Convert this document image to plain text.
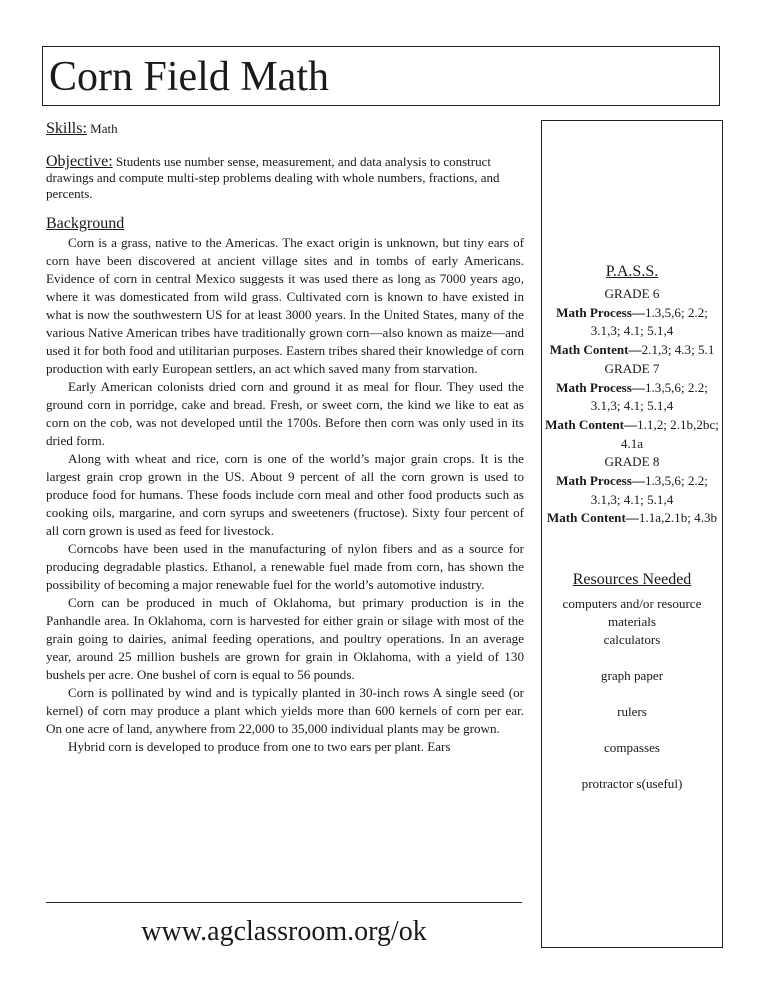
Corn Field Math
Skills: Math
Objective: Students use number sense, measurement, and data analysis to construct drawings and compute multi-step problems dealing with whole numbers, fractions, and percents.
Background

Corn is a grass, native to the Americas. The exact origin is unknown, but tiny ears of corn have been discovered at ancient village sites and in tombs of early Americans. Evidence of corn in central Mexico suggests it was used there as long as 7000 years ago, where it was domesticated from wild grass. Cultivated corn is known to have existed in what is now the southwestern US for at least 3000 years. In the United States, many of the various Native American tribes have traditionally grown corn—also known as maize—and used it for both food and utilitarian purposes. Eastern tribes shared their knowledge of corn production with early European settlers, an act which saved many from starvation.

Early American colonists dried corn and ground it as meal for flour. They used the ground corn in porridge, cake and bread. Fresh, or sweet corn, the kind we like to eat as corn on the cob, was not developed until the 1700s. Before then corn was only used in its dried form.

Along with wheat and rice, corn is one of the world’s major grain crops. It is the largest grain crop grown in the US. About 9 percent of all the corn grown is used to produce food for humans. These foods include corn meal and other food products such as cooking oils, margarine, and corn syrups and sweeteners (fructose). Sixty four percent of all corn grown is used as feed for livestock.

Corncobs have been used in the manufacturing of nylon fibers and as a source for producing degradable plastics. Ethanol, a renewable fuel made from corn, has shown the possibility of becoming a major renewable fuel for the world’s automotive industry.

Corn can be produced in much of Oklahoma, but primary production is in the Panhandle area. In Oklahoma, corn is harvested for either grain or silage with most of the grain going to dairies, animal feeding operations, and poultry operations. In an average year, around 25 million bushels are grown for grain in Oklahoma, with a yield of 130 bushels per acre. One bushel of corn is equal to 56 pounds.

Corn is pollinated by wind and is typically planted in 30-inch rows A single seed (or kernel) of corn may produce a plant which yields more than 600 kernels of corn per ear. On one acre of land, anywhere from 22,000 to 35,000 individual plants may be grown.

Hybrid corn is developed to produce from one to two ears per plant. Ears

www.agclassroom.org/ok
P.A.S.S.
GRADE 6
Math Process—1.3,5,6; 2.2; 3.1,3; 4.1; 5.1,4
Math Content—2.1,3; 4.3; 5.1
GRADE 7
Math Process—1.3,5,6; 2.2; 3.1,3; 4.1; 5.1,4
Math Content—1.1,2; 2.1b,2bc; 4.1a
GRADE 8
Math Process—1.3,5,6; 2.2; 3.1,3; 4.1; 5.1,4
Math Content—1.1a,2.1b; 4.3b
Resources Needed
computers and/or resource materials
calculators
graph paper
rulers
compasses
protractor s(useful)
